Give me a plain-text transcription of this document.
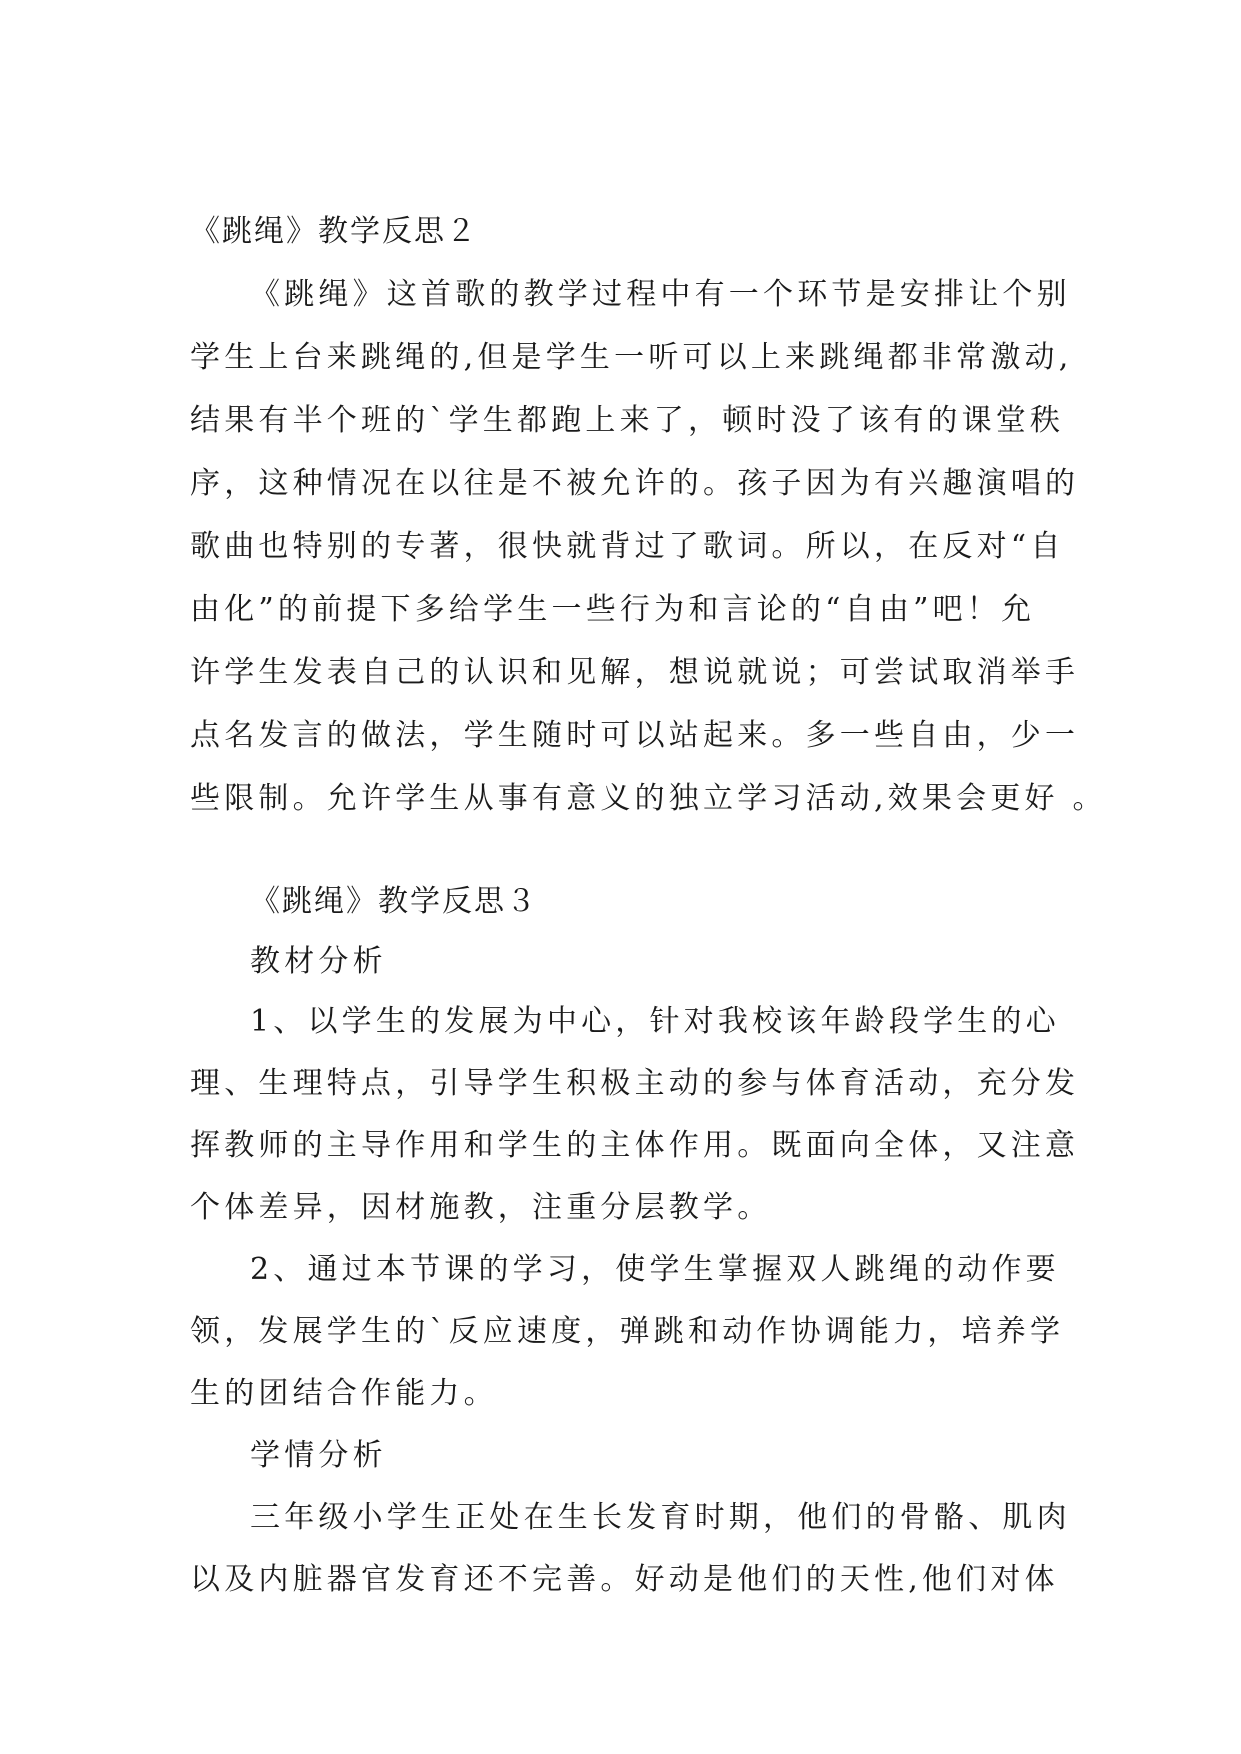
《跳绳》教学反思２
《跳绳》这首歌的教学过程中有一个环节是安排让个别
学生上台来跳绳的,但是学生一听可以上来跳绳都非常激动,
结果有半个班的`学生都跑上来了，顿时没了该有的课堂秩
序，这种情况在以往是不被允许的。孩子因为有兴趣演唱的
歌曲也特别的专著，很快就背过了歌词。所以，在反对“自
由化”的前提下多给学生一些行为和言论的“自由”吧！允
许学生发表自己的认识和见解，想说就说；可尝试取消举手
点名发言的做法，学生随时可以站起来。多一些自由，少一
些限制。允许学生从事有意义的独立学习活动,效果会更好 。
《跳绳》教学反思３
教材分析
1、以学生的发展为中心，针对我校该年龄段学生的心
理、生理特点，引导学生积极主动的参与体育活动，充分发
挥教师的主导作用和学生的主体作用。既面向全体，又注意
个体差异，因材施教，注重分层教学。
2、通过本节课的学习，使学生掌握双人跳绳的动作要
领，发展学生的`反应速度，弹跳和动作协调能力，培养学
生的团结合作能力。
学情分析
三年级小学生正处在生长发育时期，他们的骨骼、肌肉
以及内脏器官发育还不完善。好动是他们的天性,他们对体
